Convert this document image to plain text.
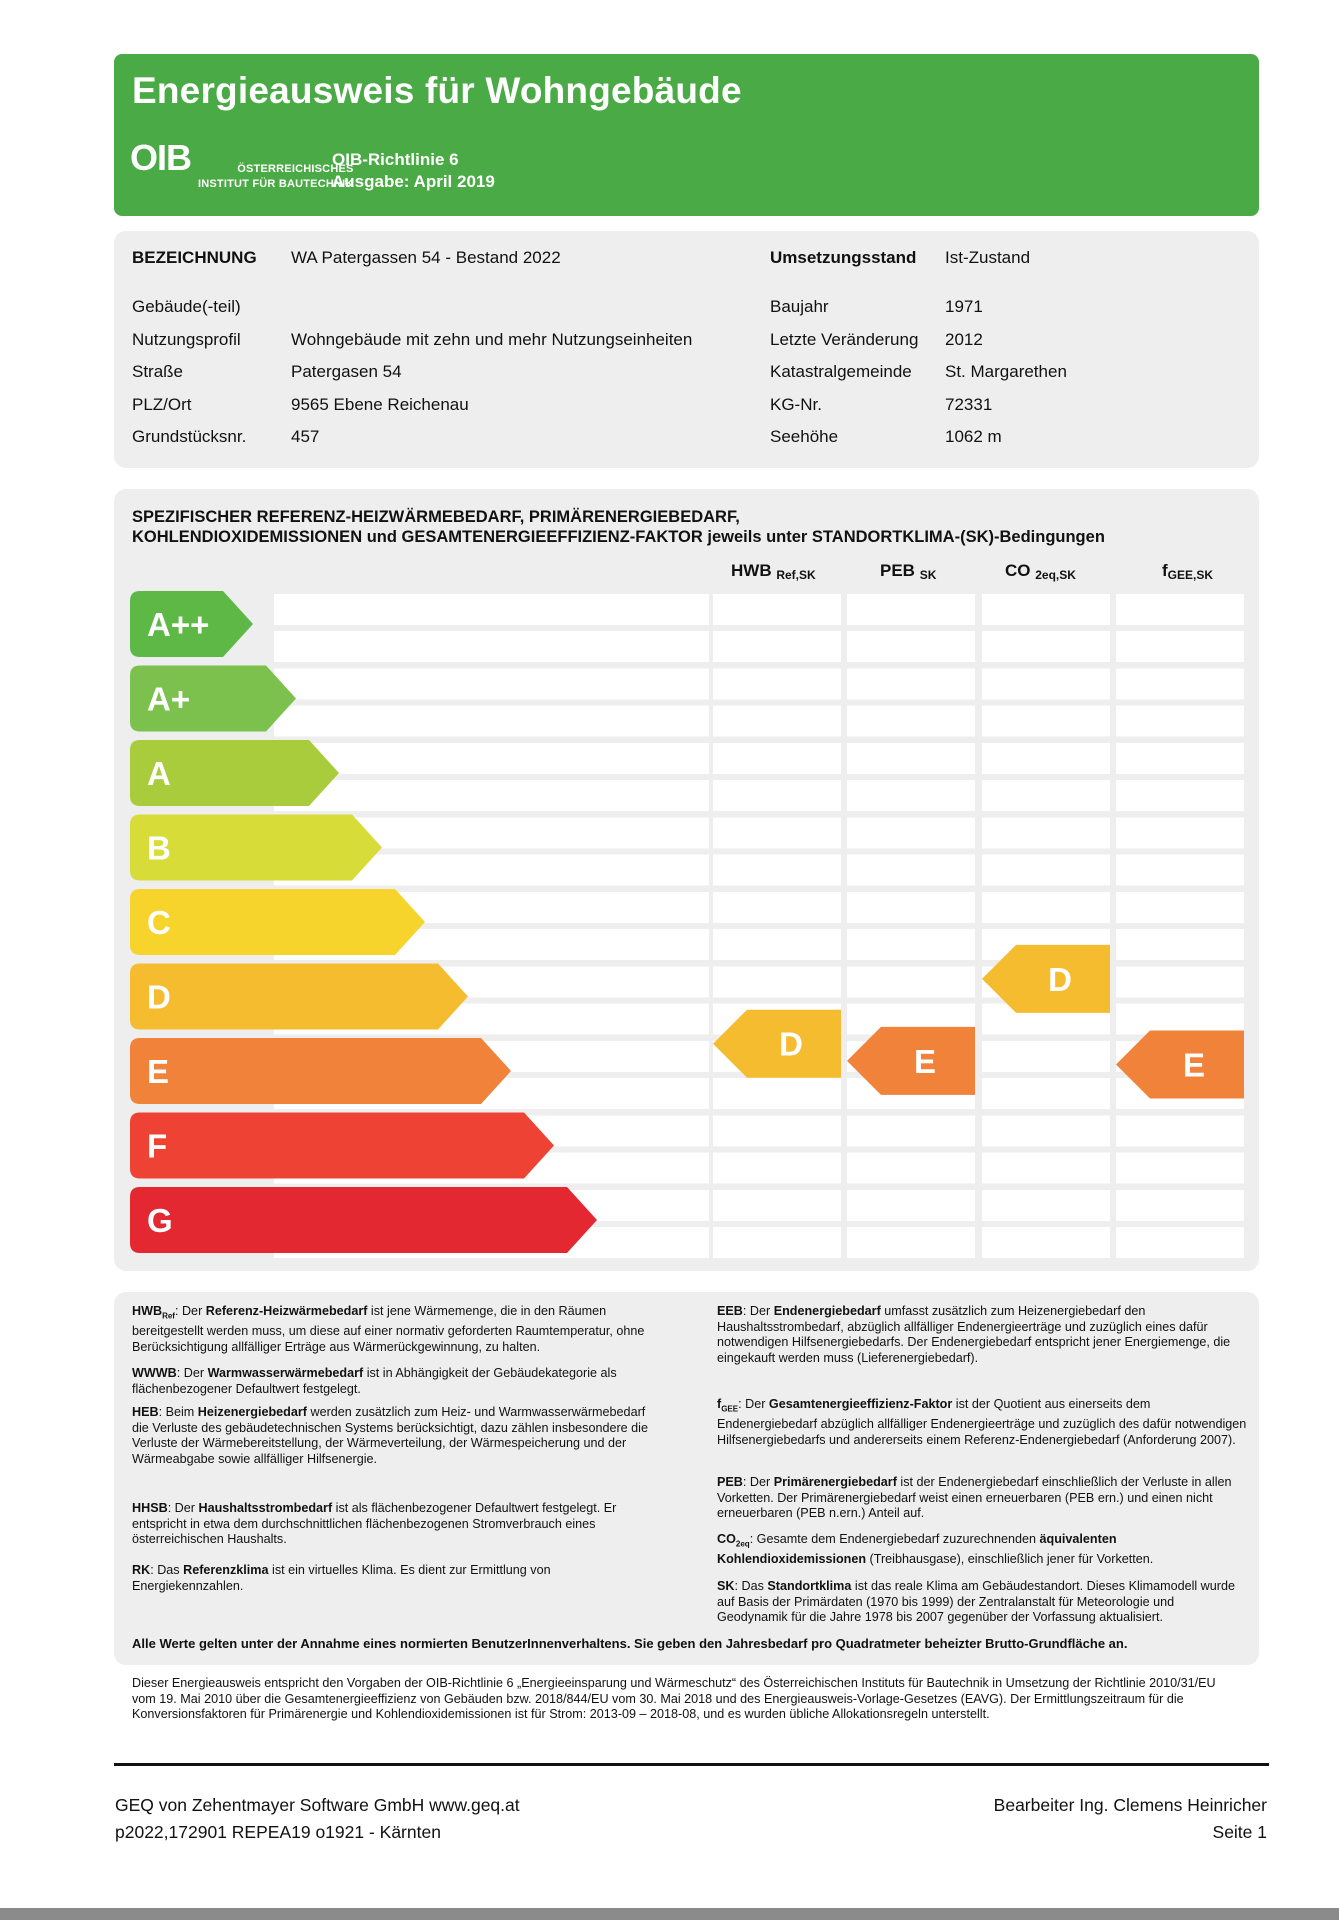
Energieausweis für Wohngebäude
OIB	ÖSTERREICHISCHES
INSTITUT FÜR BAUTECHNIK
OIB-Richtlinie 6
Ausgabe: April 2019
BEZEICHNUNG WA Patergassen 54 - Bestand 2022
Gebäude(-teil)
Nutzungsprofil	Wohngebäude mit zehn und mehr Nutzungseinheiten
Straße	Patergasen 54
PLZ/Ort	9565 Ebene Reichenau
Grundstücksnr.	457
Umsetzungsstand Ist-Zustand
Baujahr	1971
Letzte Veränderung 2012
Katastralgemeinde St. Margarethen
KG-Nr.	72331
Seehöhe	1062 m
A++
A+
A
B
C
D
E
F
G
D	E
D
E
SPEZIFISCHER REFERENZ-HEIZWÄRMEBEDARF, PRIMÄRENERGIEBEDARF,
KOHLENDIOXIDEMISSIONEN und GESAMTENERGIEEFFIZIENZ-FAKTOR jeweils unter STANDORTKLIMA-(SK)-Bedingungen
HWB $_{Ref,SK}$	PEB $_{SK}$	CO $_{2eq,SK}$	$f_{GEE,SK}$
$HWB_{Ref}$: Der Referenz-Heizwärmebedarf ist jene Wärmemenge, die in den Räumen bereitgestellt werden muss, um diese auf einer normativ geforderten Raumtemperatur, ohne Berücksichtigung allfälliger Erträge aus Wärmerückgewinnung, zu halten.
WWWB: Der Warmwasserwärmebedarf ist in Abhängigkeit der Gebäudekategorie als flächenbezogener Defaultwert festgelegt.
HEB: Beim Heizenergiebedarf werden zusätzlich zum Heiz- und Warmwasserwärmebedarf die Verluste des gebäudetechnischen Systems berücksichtigt, dazu zählen insbesondere die Verluste der Wärmebereitstellung, der Wärmeverteilung, der Wärmespeicherung und der Wärmeabgabe sowie allfälliger Hilfsenergie.
HHSB: Der Haushaltsstrombedarf ist als flächenbezogener Defaultwert festgelegt. Er entspricht in etwa dem durchschnittlichen flächenbezogenen Stromverbrauch eines österreichischen Haushalts.
RK: Das Referenzklima ist ein virtuelles Klima. Es dient zur Ermittlung von Energiekennzahlen.
EEB: Der Endenergiebedarf umfasst zusätzlich zum Heizenergiebedarf den Haushaltsstrombedarf, abzüglich allfälliger Endenergieerträge und zuzüglich eines dafür notwendigen Hilfsenergiebedarfs. Der Endenergiebedarf entspricht jener Energiemenge, die eingekauft werden muss (Lieferenergiebedarf).
$f_{GEE}$: Der Gesamtenergieeffizienz-Faktor ist der Quotient aus einerseits dem Endenergiebedarf abzüglich allfälliger Endenergieerträge und zuzüglich des dafür notwendigen Hilfsenergiebedarfs und andererseits einem Referenz-Endenergiebedarf (Anforderung 2007).
PEB: Der Primärenergiebedarf ist der Endenergiebedarf einschließlich der Verluste in allen Vorketten. Der Primärenergiebedarf weist einen erneuerbaren (PEB ern.) und einen nicht erneuerbaren (PEB n.ern.) Anteil auf.
$CO_{2eq}$: Gesamte dem Endenergiebedarf zuzurechnenden äquivalenten Kohlendioxidemissionen (Treibhausgase), einschließlich jener für Vorketten.
SK: Das Standortklima ist das reale Klima am Gebäudestandort. Dieses Klimamodell wurde auf Basis der Primärdaten (1970 bis 1999) der Zentralanstalt für Meteorologie und Geodynamik für die Jahre 1978 bis 2007 gegenüber der Vorfassung aktualisiert.
Alle Werte gelten unter der Annahme eines normierten BenutzerInnenverhaltens. Sie geben den Jahresbedarf pro Quadratmeter beheizter Brutto-Grundfläche an.
Dieser Energieausweis entspricht den Vorgaben der OIB-Richtlinie 6 „Energieeinsparung und Wärmeschutz“ des Österreichischen Instituts für Bautechnik in Umsetzung der Richtlinie 2010/31/EU vom 19. Mai 2010 über die Gesamtenergieeffizienz von Gebäuden bzw. 2018/844/EU vom 30. Mai 2018 und des Energieausweis-Vorlage-Gesetzes (EAVG). Der Ermittlungszeitraum für die Konversionsfaktoren für Primärenergie und Kohlendioxidemissionen ist für Strom: 2013-09 – 2018-08, und es wurden übliche Allokationsregeln unterstellt.
GEQ von Zehentmayer Software GmbH www.geq.at
p2022,172901 REPEA19 o1921 - Kärnten
Bearbeiter Ing. Clemens Heinricher
Seite 1
